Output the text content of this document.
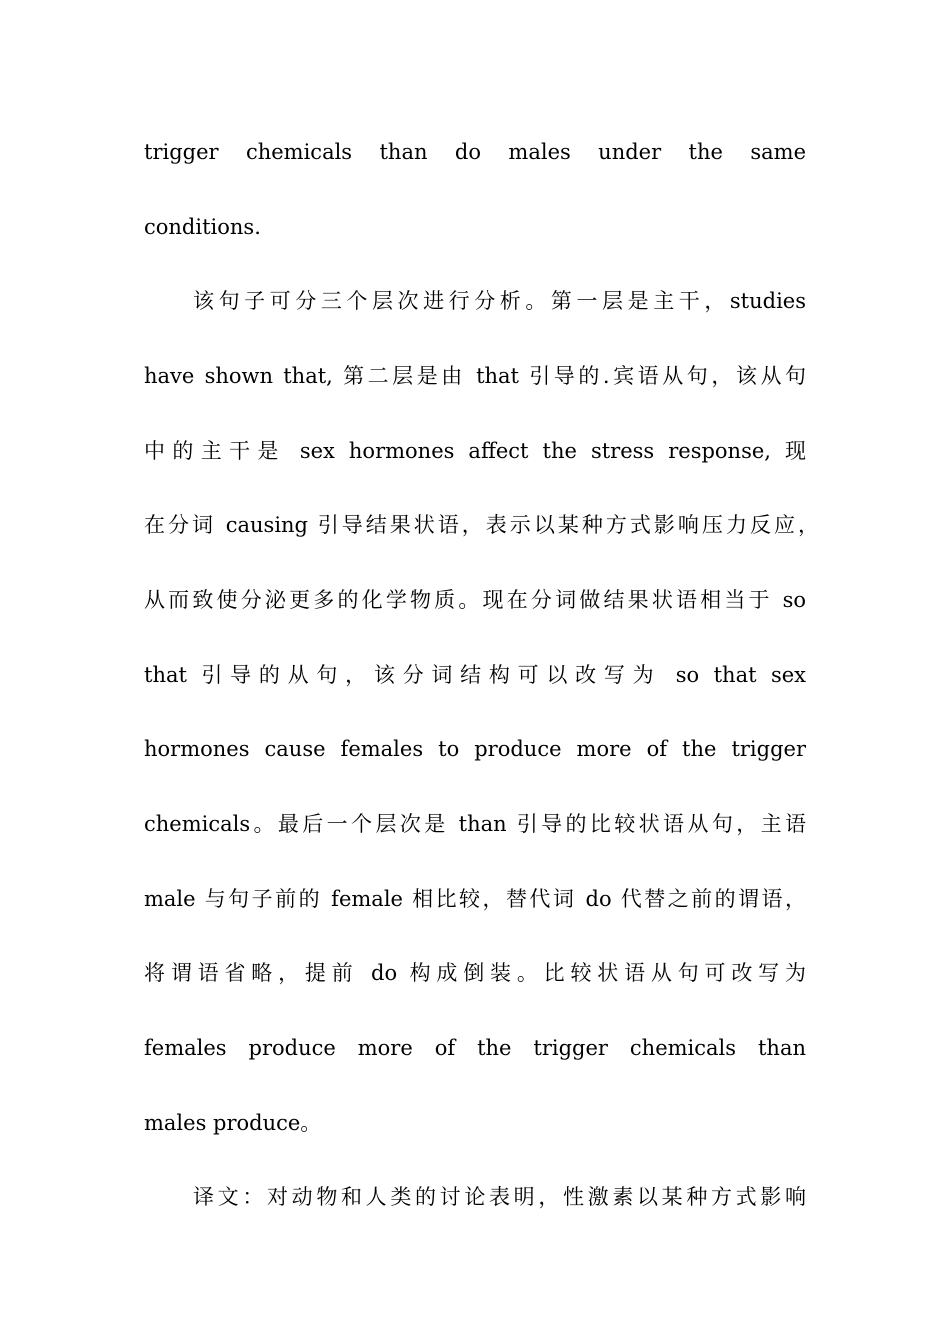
trigger chemicals than do males under the same
conditions.
该句子可分三个层次进行分析。第一层是主干，studies
have shown that, 第二层是由 that 引导的.宾语从句，该从句
中的主干是 sex hormones affect the stress response, 现
在分词 causing 引导结果状语，表示以某种方式影响压力反应，
从而致使分泌更多的化学物质。现在分词做结果状语相当于 so
that 引导的从句，该分词结构可以改写为 so that sex
hormones cause females to produce more of the trigger
chemicals。最后一个层次是 than 引导的比较状语从句，主语
male 与句子前的 female 相比较，替代词 do 代替之前的谓语，
将谓语省略，提前 do 构成倒装。比较状语从句可改写为
females produce more of the trigger chemicals than
males produce。
译文：对动物和人类的讨论表明，性激素以某种方式影响
